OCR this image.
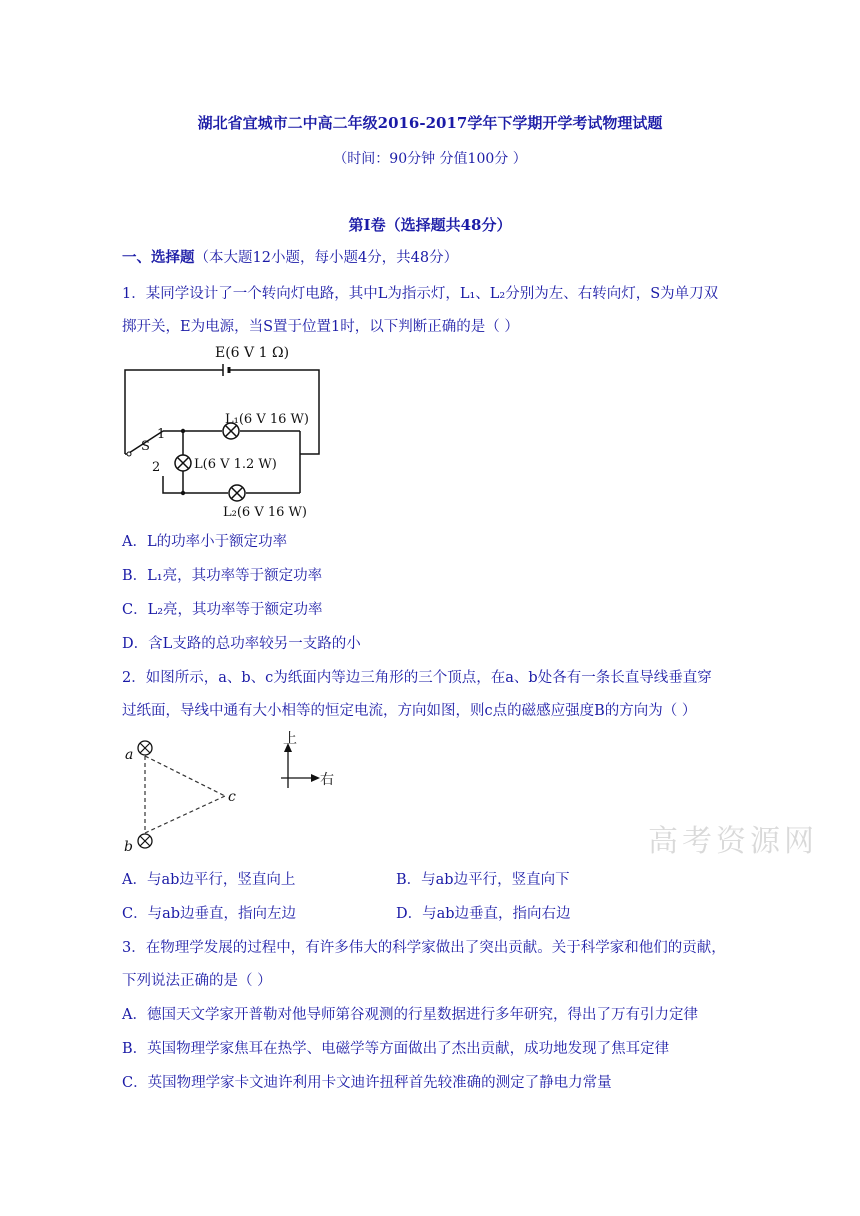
湖北省宜城市二中高二年级2016-2017学年下学期开学考试物理试题
（时间：90分钟 分值100分 ）
第Ⅰ卷（选择题共48分）
一、选择题（本大题12小题，每小题4分，共48分）
1．某同学设计了一个转向灯电路，其中L为指示灯，L₁、L₂分别为左、右转向灯，S为单刀双
掷开关，E为电源，当S置于位置1时，以下判断正确的是（ ）
E(6 V 1 Ω)
L₁(6 V 16 W)
L(6 V 1.2 W)
L₂(6 V 16 W)
S
1
2
A．L的功率小于额定功率
B．L₁亮，其功率等于额定功率
C．L₂亮，其功率等于额定功率
D．含L支路的总功率较另一支路的小
2．如图所示，a、b、c为纸面内等边三角形的三个顶点，在a、b处各有一条长直导线垂直穿
过纸面，导线中通有大小相等的恒定电流，方向如图，则c点的磁感应强度B的方向为（ ）
a
b
c
上
右
高考资源网
A．与ab边平行，竖直向上	B．与ab边平行，竖直向下
C．与ab边垂直，指向左边	D．与ab边垂直，指向右边
3．在物理学发展的过程中，有许多伟大的科学家做出了突出贡献。关于科学家和他们的贡献，
下列说法正确的是（ ）
A．德国天文学家开普勒对他导师第谷观测的行星数据进行多年研究，得出了万有引力定律
B．英国物理学家焦耳在热学、电磁学等方面做出了杰出贡献，成功地发现了焦耳定律
C．英国物理学家卡文迪许利用卡文迪许扭秤首先较准确的测定了静电力常量
